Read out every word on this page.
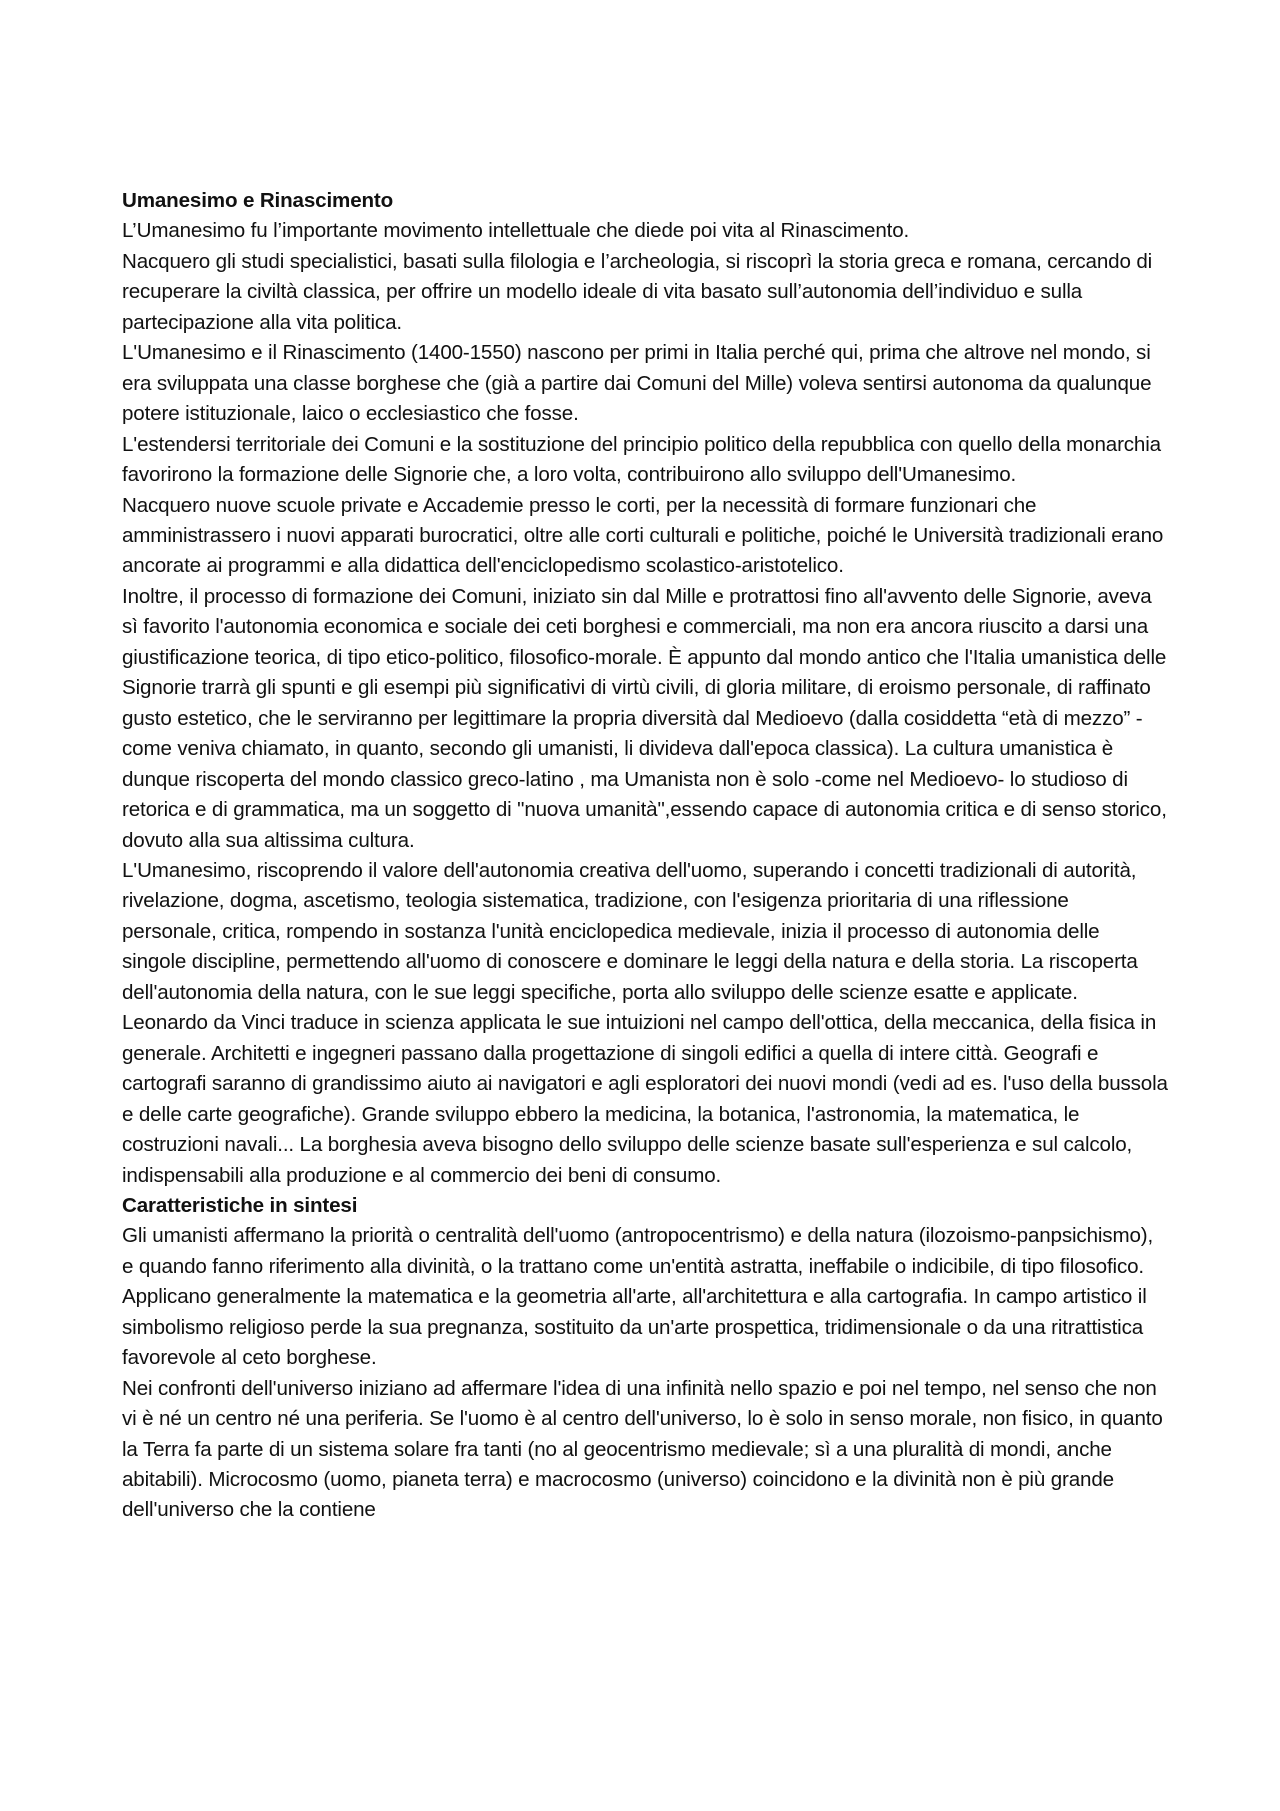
Umanesimo e Rinascimento

L’Umanesimo fu l’importante movimento intellettuale che diede poi vita al Rinascimento.

Nacquero gli studi specialistici, basati sulla filologia e l’archeologia, si riscoprì la storia greca e romana, cercando di recuperare la civiltà classica, per offrire un modello ideale di vita basato sull’autonomia dell’individuo e sulla partecipazione alla vita politica.

L'Umanesimo e il Rinascimento (1400-1550) nascono per primi in Italia perché qui, prima che altrove nel mondo, si era sviluppata una classe borghese che (già a partire dai Comuni del Mille) voleva sentirsi autonoma da qualunque potere istituzionale, laico o ecclesiastico che fosse.

L'estendersi territoriale dei Comuni e la sostituzione del principio politico della repubblica con quello della monarchia favorirono la formazione delle Signorie che, a loro volta, contribuirono allo sviluppo dell'Umanesimo.

Nacquero nuove scuole private e Accademie presso le corti, per la necessità di formare funzionari che amministrassero i nuovi apparati burocratici, oltre alle corti culturali e politiche, poiché le Università tradizionali erano ancorate ai programmi e alla didattica dell'enciclopedismo scolastico-aristotelico.

Inoltre, il processo di formazione dei Comuni, iniziato sin dal Mille e protrattosi fino all'avvento delle Signorie, aveva sì favorito l'autonomia economica e sociale dei ceti borghesi e commerciali, ma non era ancora riuscito a darsi una giustificazione teorica, di tipo etico-politico, filosofico-morale. È appunto dal mondo antico che l'Italia umanistica delle Signorie trarrà gli spunti e gli esempi più significativi di virtù civili, di gloria militare, di eroismo personale, di raffinato gusto estetico, che le serviranno per legittimare la propria diversità dal Medioevo (dalla cosiddetta “età di mezzo” - come veniva chiamato, in quanto, secondo gli umanisti, li divideva dall'epoca classica). La cultura umanistica è dunque riscoperta del mondo classico greco-latino , ma Umanista non è solo -come nel Medioevo- lo studioso di retorica e di grammatica, ma un soggetto di "nuova umanità",essendo capace di autonomia critica e di senso storico, dovuto alla sua altissima cultura.

L'Umanesimo, riscoprendo il valore dell'autonomia creativa dell'uomo, superando i concetti tradizionali di autorità, rivelazione, dogma, ascetismo, teologia sistematica, tradizione, con l'esigenza prioritaria di una riflessione personale, critica, rompendo in sostanza l'unità enciclopedica medievale, inizia il processo di autonomia delle singole discipline, permettendo all'uomo di conoscere e dominare le leggi della natura e della storia. La riscoperta dell'autonomia della natura, con le sue leggi specifiche, porta allo sviluppo delle scienze esatte e applicate. Leonardo da Vinci traduce in scienza applicata le sue intuizioni nel campo dell'ottica, della meccanica, della fisica in generale. Architetti e ingegneri passano dalla progettazione di singoli edifici a quella di intere città. Geografi e cartografi saranno di grandissimo aiuto ai navigatori e agli esploratori dei nuovi mondi (vedi ad es. l'uso della bussola e delle carte geografiche). Grande sviluppo ebbero la medicina, la botanica, l'astronomia, la matematica, le costruzioni navali... La borghesia aveva bisogno dello sviluppo delle scienze basate sull'esperienza e sul calcolo, indispensabili alla produzione e al commercio dei beni di consumo.

Caratteristiche in sintesi

Gli umanisti affermano la priorità o centralità dell'uomo (antropocentrismo) e della natura (ilozoismo-panpsichismo), e quando fanno riferimento alla divinità, o la trattano come un'entità astratta, ineffabile o indicibile, di tipo filosofico.

Applicano generalmente la matematica e la geometria all'arte, all'architettura e alla cartografia. In campo artistico il simbolismo religioso perde la sua pregnanza, sostituito da un'arte prospettica, tridimensionale o da una ritrattistica favorevole al ceto borghese.

Nei confronti dell'universo iniziano ad affermare l'idea di una infinità nello spazio e poi nel tempo, nel senso che non vi è né un centro né una periferia. Se l'uomo è al centro dell'universo, lo è solo in senso morale, non fisico, in quanto la Terra fa parte di un sistema solare fra tanti (no al geocentrismo medievale; sì a una pluralità di mondi, anche abitabili). Microcosmo (uomo, pianeta terra) e macrocosmo (universo) coincidono e la divinità non è più grande dell'universo che la contiene
